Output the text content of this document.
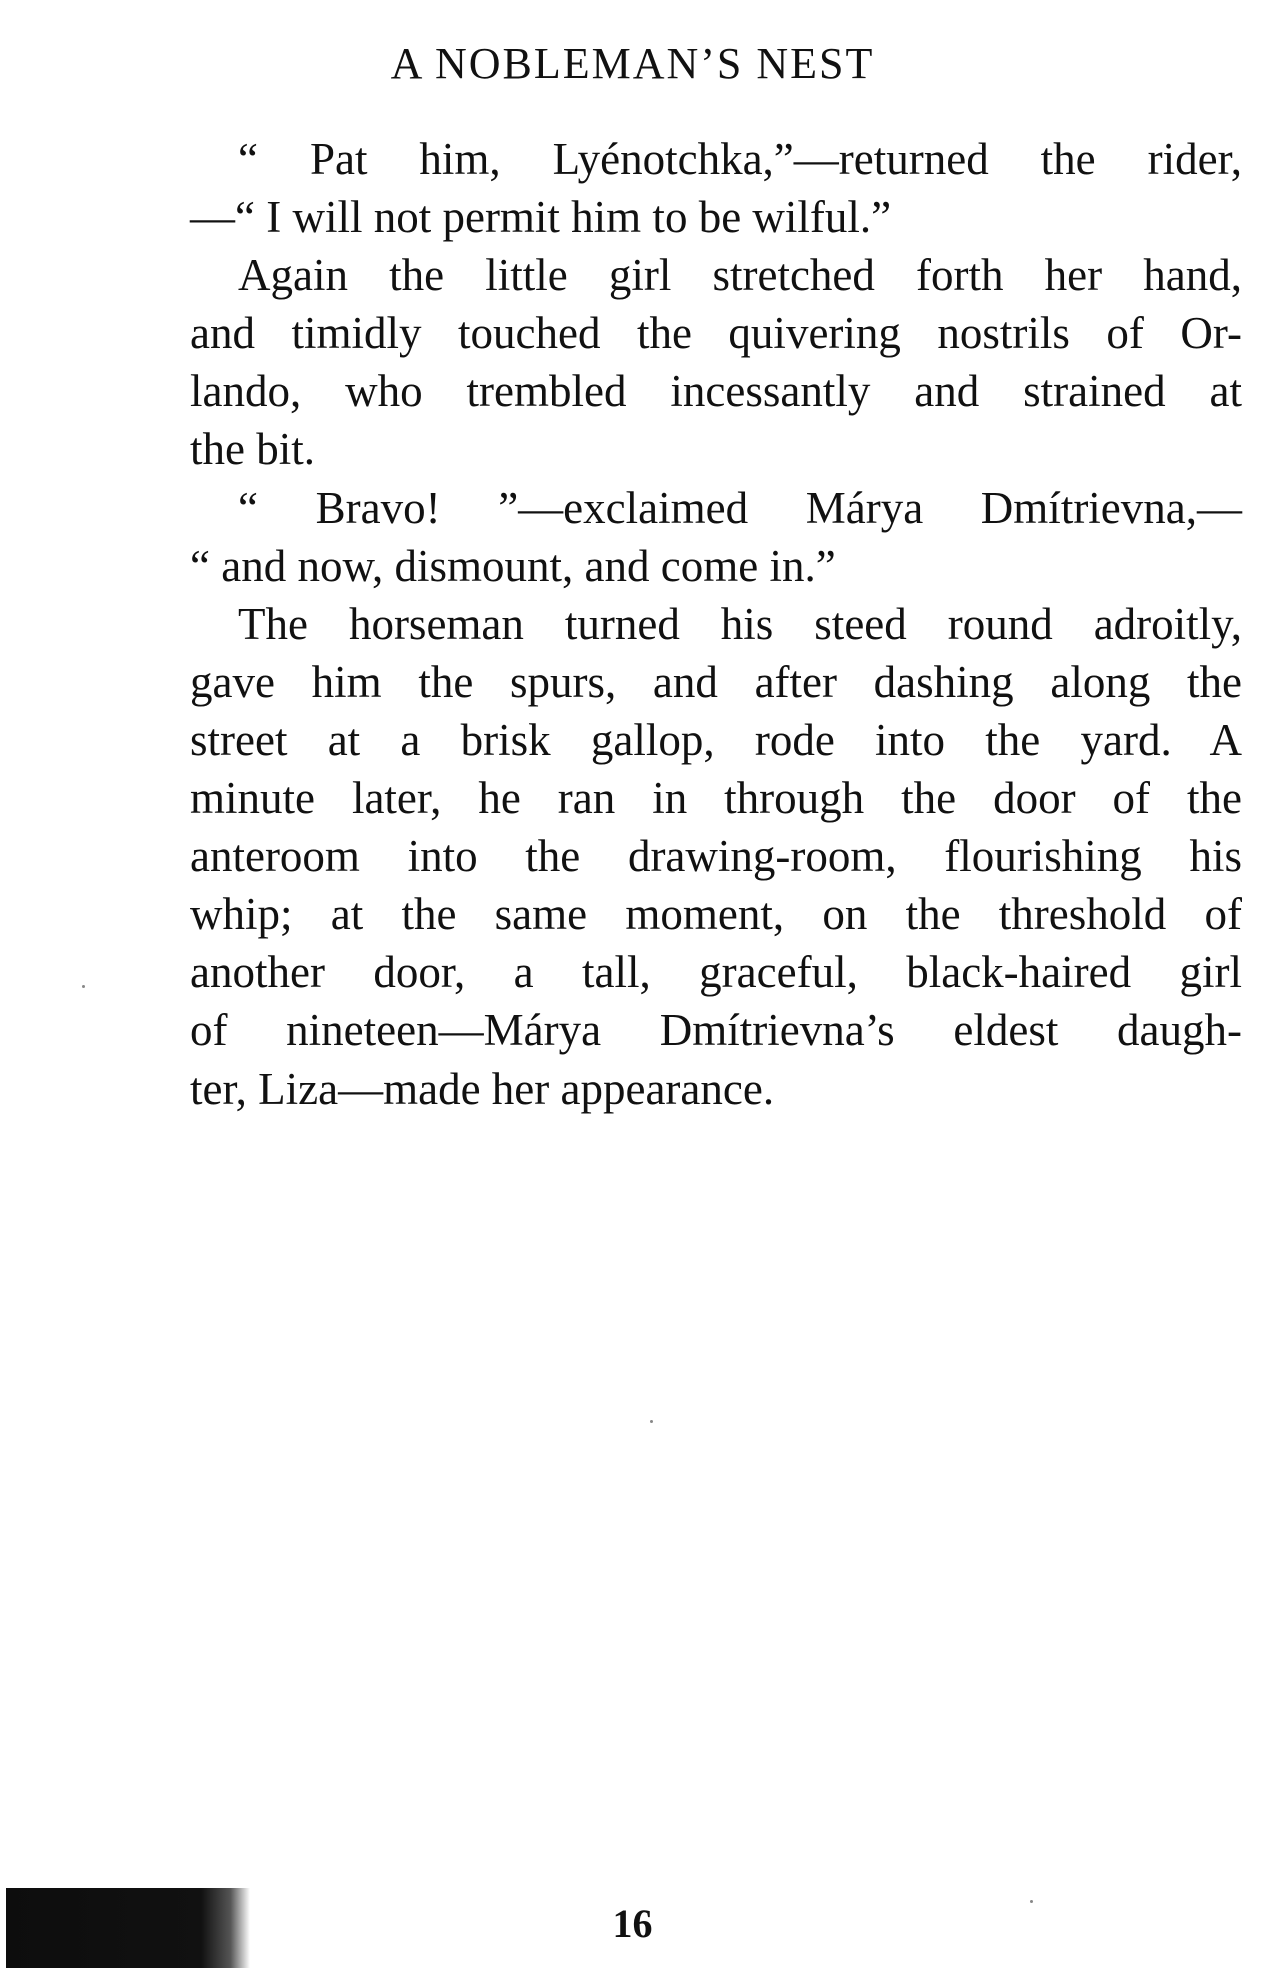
A NOBLEMAN’S NEST
“ Pat him, Lyénotchka,”—returned the rider,
—“ I will not permit him to be wilful.”
Again the little girl stretched forth her hand,
and timidly touched the quivering nostrils of Or-
lando, who trembled incessantly and strained at
the bit.
“ Bravo! ”—exclaimed Márya Dmítrievna,—
“ and now, dismount, and come in.”
The horseman turned his steed round adroitly,
gave him the spurs, and after dashing along the
street at a brisk gallop, rode into the yard. A
minute later, he ran in through the door of the
anteroom into the drawing-room, flourishing his
whip; at the same moment, on the threshold of
another door, a tall, graceful, black-haired girl
of nineteen—Márya Dmítrievna’s eldest daugh-
ter, Liza—made her appearance.
16
